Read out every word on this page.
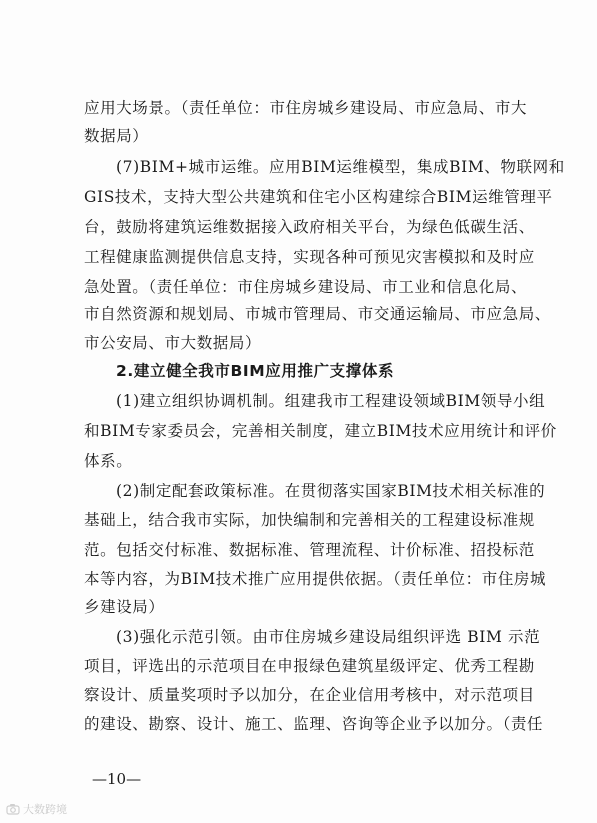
应用大场景。（责任单位：市住房城乡建设局、市应急局、市大
数据局）
(7)BIM+城市运维。应用BIM运维模型，集成BIM、物联网和
GIS技术，支持大型公共建筑和住宅小区构建综合BIM运维管理平
台，鼓励将建筑运维数据接入政府相关平台，为绿色低碳生活、
工程健康监测提供信息支持，实现各种可预见灾害模拟和及时应
急处置。（责任单位：市住房城乡建设局、市工业和信息化局、
市自然资源和规划局、市城市管理局、市交通运输局、市应急局、
市公安局、市大数据局）
2.建立健全我市BIM应用推广支撑体系
(1)建立组织协调机制。组建我市工程建设领域BIM领导小组
和BIM专家委员会，完善相关制度，建立BIM技术应用统计和评价
体系。
(2)制定配套政策标准。在贯彻落实国家BIM技术相关标准的
基础上，结合我市实际，加快编制和完善相关的工程建设标准规
范。包括交付标准、数据标准、管理流程、计价标准、招投标范
本等内容，为BIM技术推广应用提供依据。（责任单位：市住房城
乡建设局）
(3)强化示范引领。由市住房城乡建设局组织评选 BIM 示范
项目，评选出的示范项目在申报绿色建筑星级评定、优秀工程勘
察设计、质量奖项时予以加分，在企业信用考核中，对示范项目
的建设、勘察、设计、施工、监理、咨询等企业予以加分。（责任
—10—
大数跨境
